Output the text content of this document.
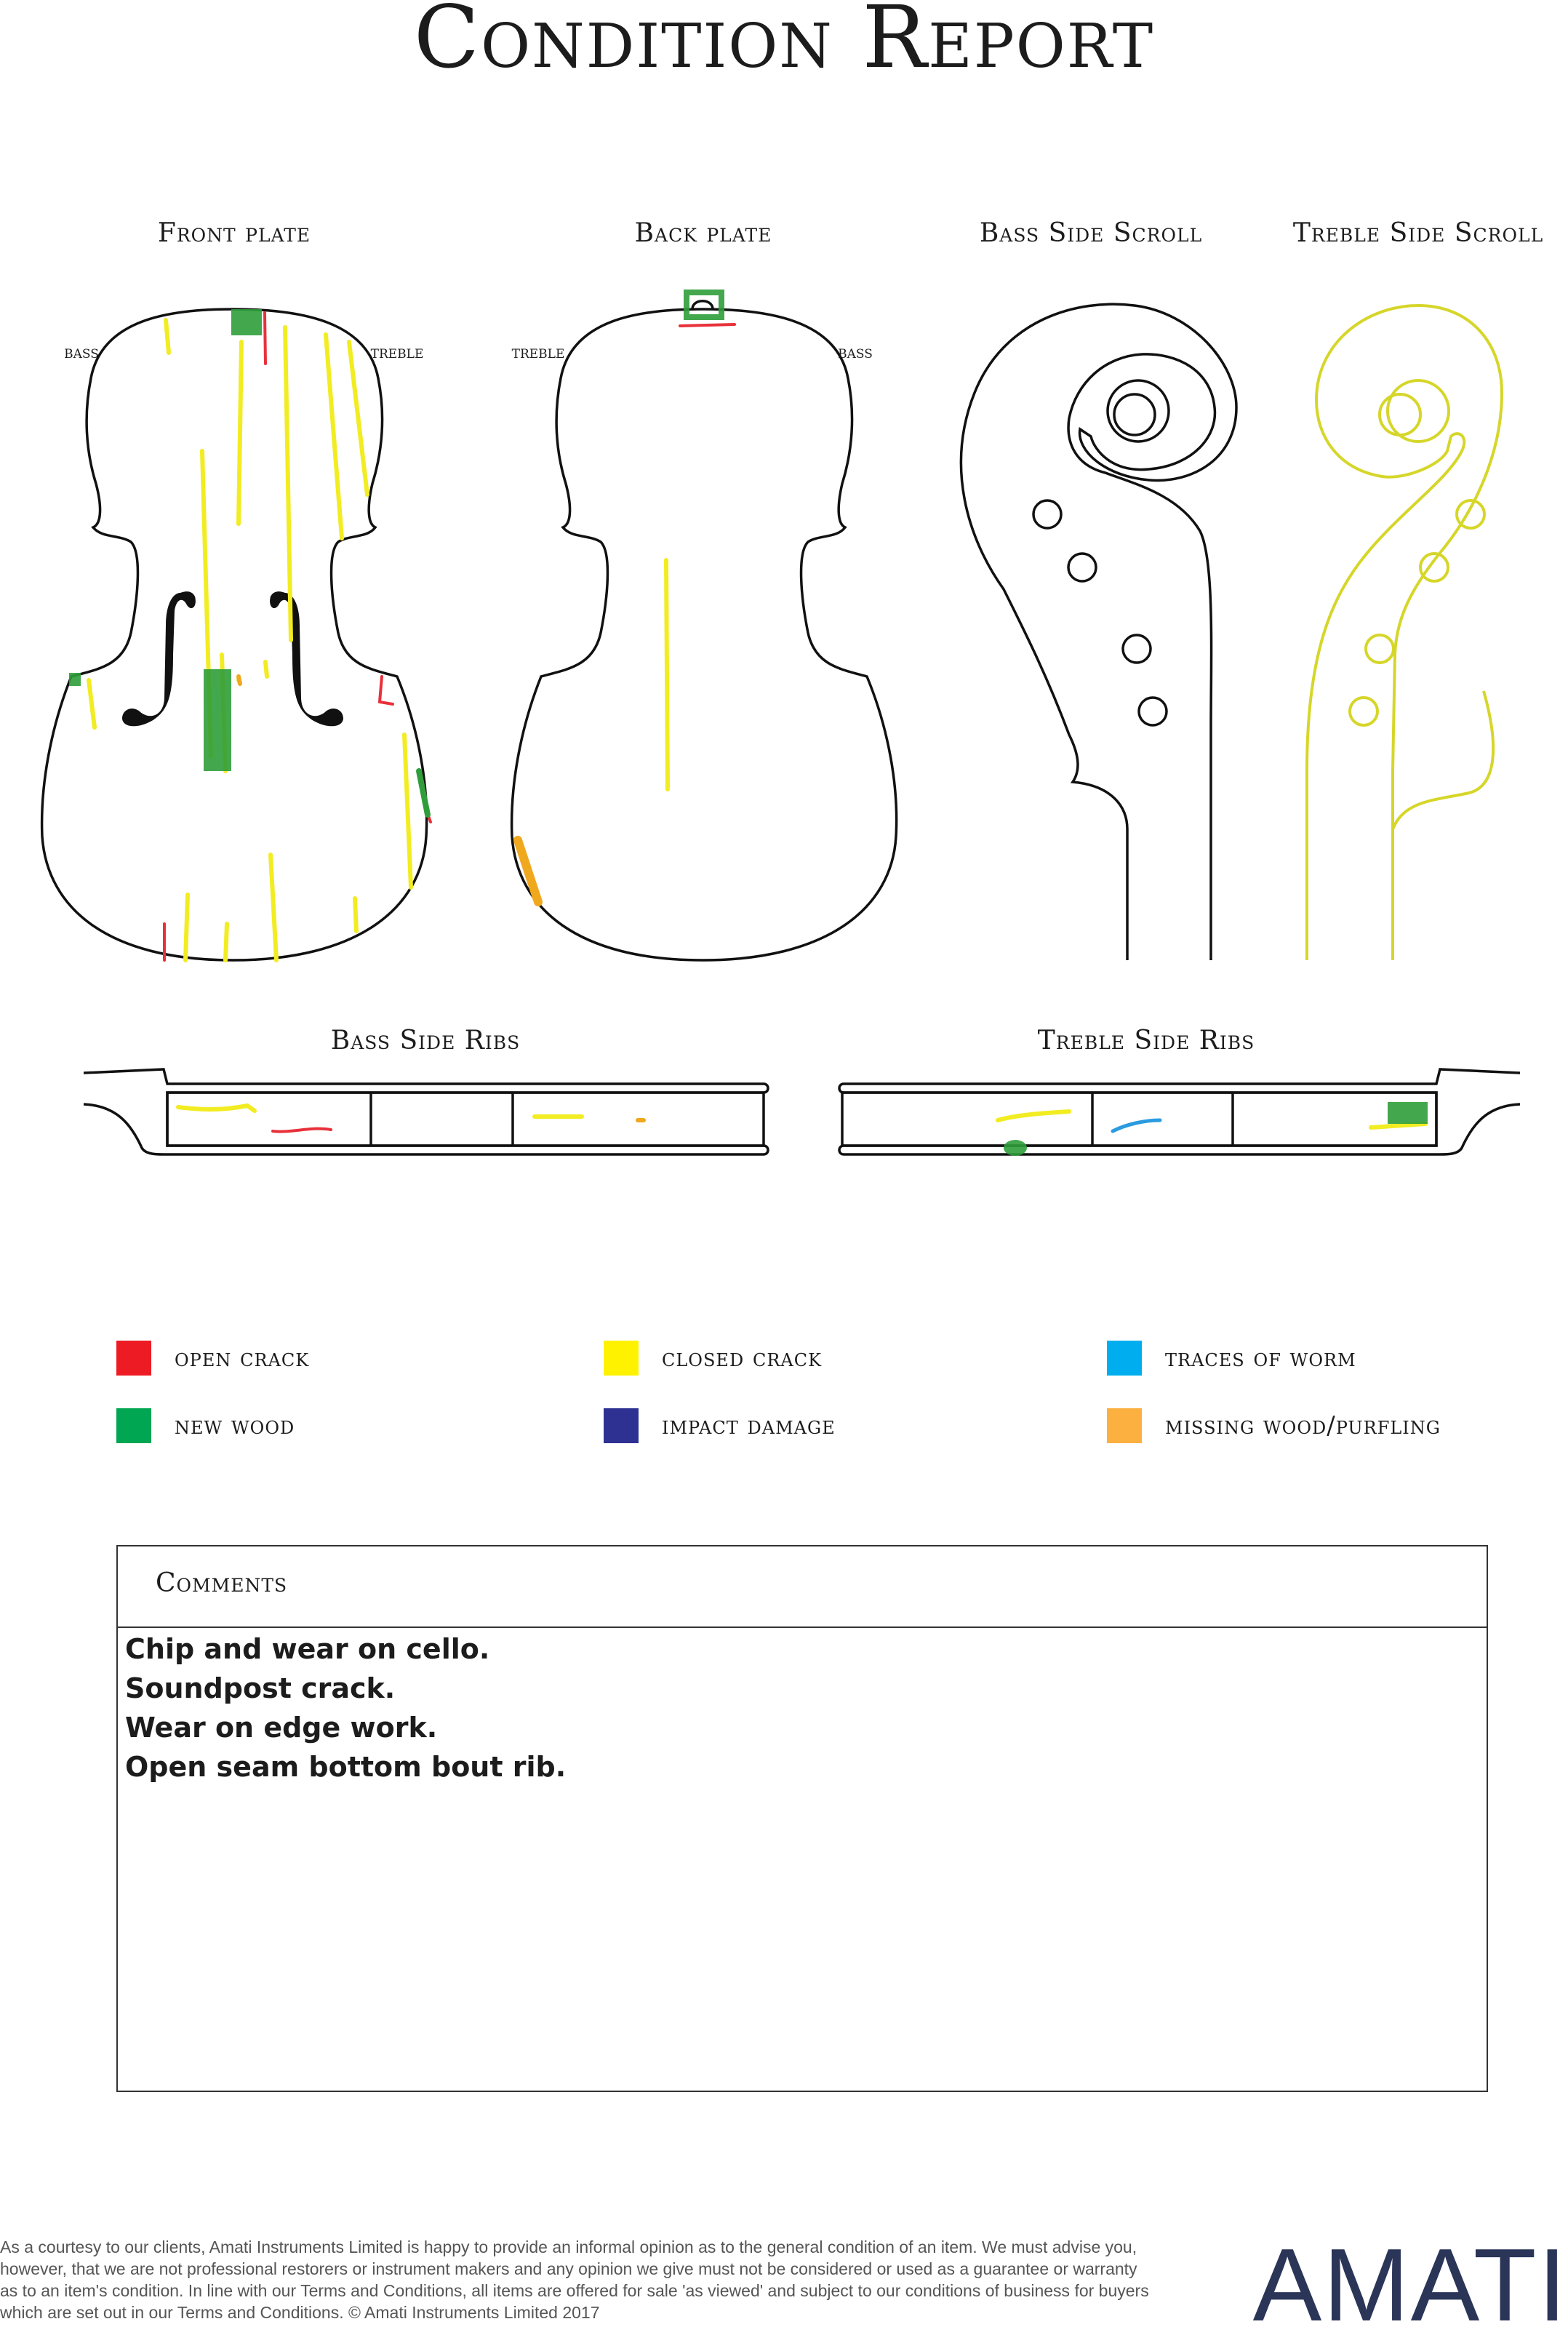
Condition Report
Front plate	Back plate	Bass Side Scroll	Treble Side Scroll
Bass Side Ribs	Treble Side Ribs
bass	treble	treble	bass
open crack	closed crack	traces of worm
new wood	impact damage	missing wood/purfling
Comments
Chip and wear on cello.
Soundpost crack.
Wear on edge work.
Open seam bottom bout rib.
As a courtesy to our clients, Amati Instruments Limited is happy to provide an informal opinion as to the general condition of an item. We must advise you, however, that we are not professional restorers or instrument makers and any opinion we give must not be considered or used as a guarantee or warranty as to an item's condition. In line with our Terms and Conditions, all items are offered for sale 'as viewed' and subject to our conditions of business for buyers which are set out in our Terms and Conditions. © Amati Instruments Limited 2017	AMATI
